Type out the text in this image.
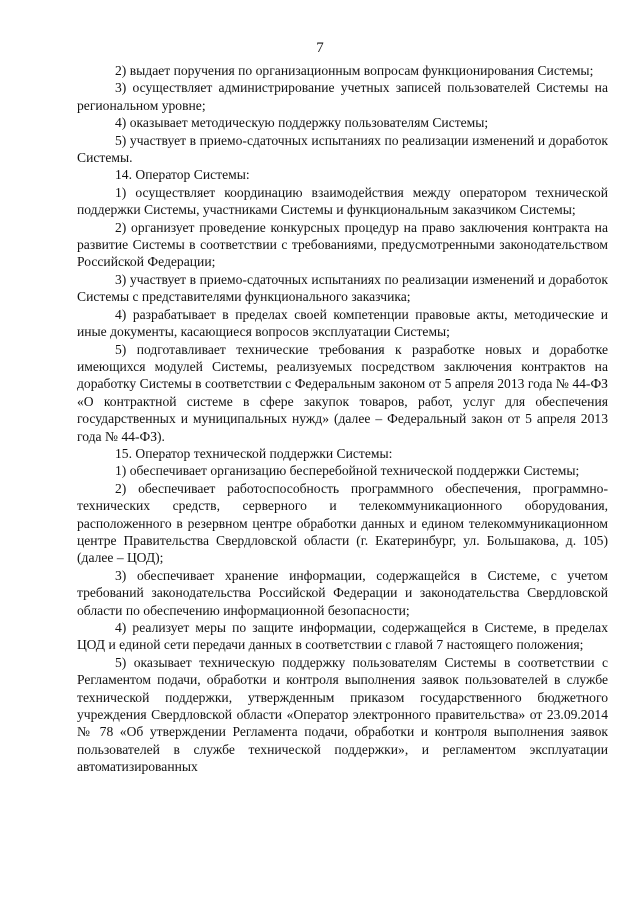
7

2) выдает поручения по организационным вопросам функционирования Системы;

3) осуществляет администрирование учетных записей пользователей Системы на региональном уровне;

4) оказывает методическую поддержку пользователям Системы;

5) участвует в приемо-сдаточных испытаниях по реализации изменений и доработок Системы.

14. Оператор Системы:

1) осуществляет координацию взаимодействия между оператором технической поддержки Системы, участниками Системы и функциональным заказчиком Системы;

2) организует проведение конкурсных процедур на право заключения контракта на развитие Системы в соответствии с требованиями, предусмотренными законодательством Российской Федерации;

3) участвует в приемо-сдаточных испытаниях по реализации изменений и доработок Системы с представителями функционального заказчика;

4) разрабатывает в пределах своей компетенции правовые акты, методические и иные документы, касающиеся вопросов эксплуатации Системы;

5) подготавливает технические требования к разработке новых и доработке имеющихся модулей Системы, реализуемых посредством заключения контрактов на доработку Системы в соответствии с Федеральным законом от 5 апреля 2013 года № 44-ФЗ «О контрактной системе в сфере закупок товаров, работ, услуг для обеспечения государственных и муниципальных нужд» (далее – Федеральный закон от 5 апреля 2013 года № 44-ФЗ).

15. Оператор технической поддержки Системы:

1) обеспечивает организацию бесперебойной технической поддержки Системы;

2) обеспечивает работоспособность программного обеспечения, программно-технических средств, серверного и телекоммуникационного оборудования, расположенного в резервном центре обработки данных и едином телекоммуникационном центре Правительства Свердловской области (г. Екатеринбург, ул. Большакова, д. 105) (далее – ЦОД);

3) обеспечивает хранение информации, содержащейся в Системе, с учетом требований законодательства Российской Федерации и законодательства Свердловской области по обеспечению информационной безопасности;

4) реализует меры по защите информации, содержащейся в Системе, в пределах ЦОД и единой сети передачи данных в соответствии с главой 7 настоящего положения;

5) оказывает техническую поддержку пользователям Системы в соответствии с Регламентом подачи, обработки и контроля выполнения заявок пользователей в службе технической поддержки, утвержденным приказом государственного бюджетного учреждения Свердловской области «Оператор электронного правительства» от 23.09.2014 № 78 «Об утверждении Регламента подачи, обработки и контроля выполнения заявок пользователей в службе технической поддержки», и регламентом эксплуатации автоматизированных
